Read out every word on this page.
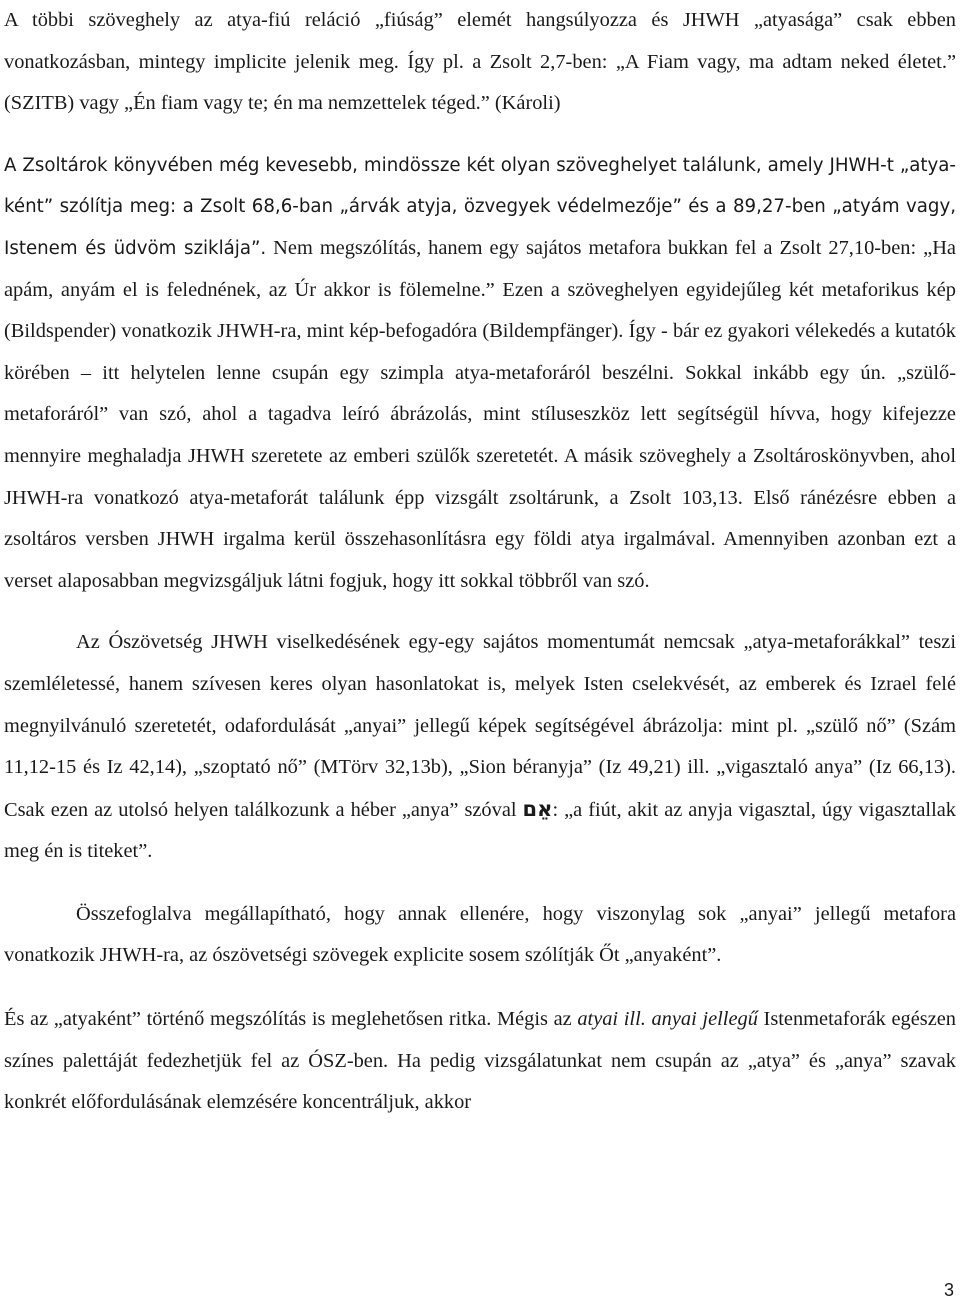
A többi szöveghely az atya-fiú reláció „fiúság” elemét hangsúlyozza és JHWH „atyasága” csak ebben vonatkozásban, mintegy implicite jelenik meg. Így pl. a Zsolt 2,7-ben: „A Fiam vagy, ma adtam neked életet.” (SZITB) vagy „Én fiam vagy te; én ma nemzettelek téged.” (Károli)

A Zsoltárok könyvében még kevesebb, mindössze két olyan szöveghelyet találunk, amely JHWH-t „atya-ként” szólítja meg: a Zsolt 68,6-ban „árvák atyja, özvegyek védelmezője” és a 89,27-ben „atyám vagy, Istenem és üdvöm sziklája”. Nem megszólítás, hanem egy sajátos metafora bukkan fel a Zsolt 27,10-ben: „Ha apám, anyám el is felednének, az Úr akkor is fölemelne.” Ezen a szöveghelyen egyidejűleg két metaforikus kép (Bildspender) vonatkozik JHWH-ra, mint kép-befogadóra (Bildempfänger). Így - bár ez gyakori vélekedés a kutatók körében – itt helytelen lenne csupán egy szimpla atya-metaforáról beszélni. Sokkal inkább egy ún. „szülő-metaforáról” van szó, ahol a tagadva leíró ábrázolás, mint stíluseszköz lett segítségül hívva, hogy kifejezze mennyire meghaladja JHWH szeretete az emberi szülők szeretetét. A másik szöveghely a Zsoltároskönyvben, ahol JHWH-ra vonatkozó atya-metaforát találunk épp vizsgált zsoltárunk, a Zsolt 103,13. Első ránézésre ebben a zsoltáros versben JHWH irgalma kerül összehasonlításra egy földi atya irgalmával. Amennyiben azonban ezt a verset alaposabban megvizsgáljuk látni fogjuk, hogy itt sokkal többről van szó.

Az Ószövetség JHWH viselkedésének egy-egy sajátos momentumát nemcsak „atya-metaforákkal” teszi szemléletessé, hanem szívesen keres olyan hasonlatokat is, melyek Isten cselekvését, az emberek és Izrael felé megnyilvánuló szeretetét, odafordulását „anyai” jellegű képek segítségével ábrázolja: mint pl. „szülő nő” (Szám 11,12-15 és Iz 42,14), „szoptató nő” (MTörv 32,13b), „Sion béranyja” (Iz 49,21) ill. „vigasztaló anya” (Iz 66,13). Csak ezen az utolsó helyen találkozunk a héber „anya” szóval אֵם: „a fiút, akit az anyja vigasztal, úgy vigasztallak meg én is titeket”.

Összefoglalva megállapítható, hogy annak ellenére, hogy viszonylag sok „anyai” jellegű metafora vonatkozik JHWH-ra, az ószövetségi szövegek explicite sosem szólítják Őt „anyaként”.

És az „atyaként” történő megszólítás is meglehetősen ritka. Mégis az atyai ill. anyai jellegű Istenmetaforák egészen színes palettáját fedezhetjük fel az ÓSZ-ben. Ha pedig vizsgálatunkat nem csupán az „atya” és „anya” szavak konkrét előfordulásának elemzésére koncentráljuk, akkor

3
